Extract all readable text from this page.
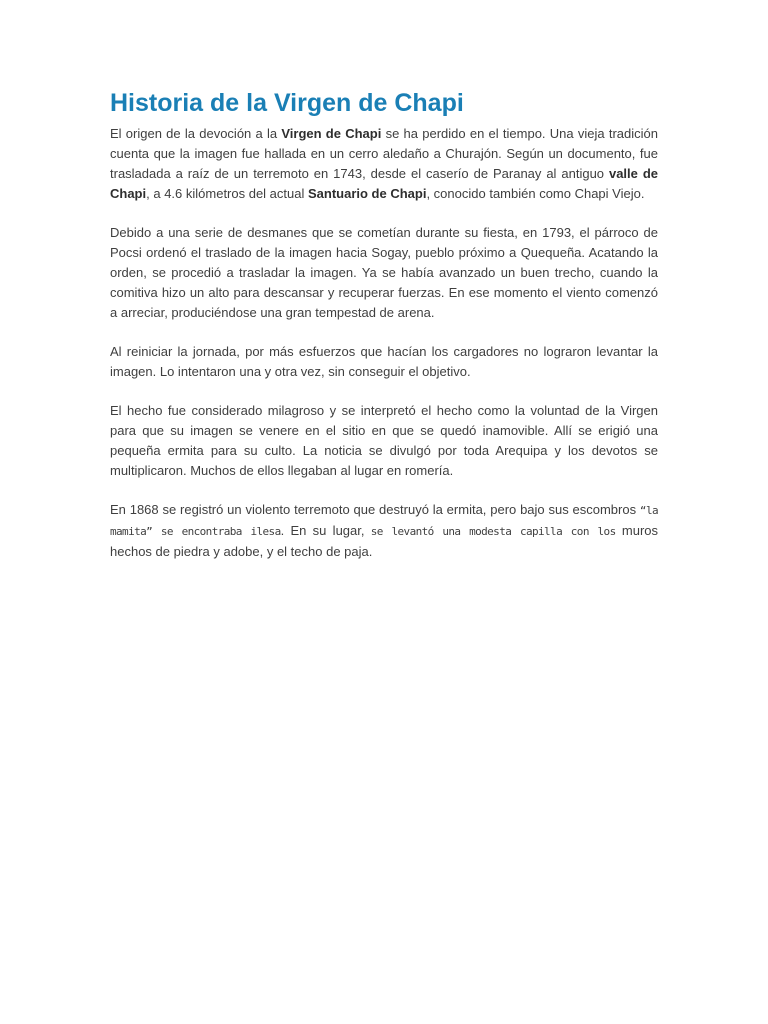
Historia de la Virgen de Chapi

El origen de la devoción a la Virgen de Chapi se ha perdido en el tiempo. Una vieja tradición cuenta que la imagen fue hallada en un cerro aledaño a Churajón. Según un documento, fue trasladada a raíz de un terremoto en 1743, desde el caserío de Paranay al antiguo valle de Chapi, a 4.6 kilómetros del actual Santuario de Chapi, conocido también como Chapi Viejo.

Debido a una serie de desmanes que se cometían durante su fiesta, en 1793, el párroco de Pocsi ordenó el traslado de la imagen hacia Sogay, pueblo próximo a Quequeña. Acatando la orden, se procedió a trasladar la imagen. Ya se había avanzado un buen trecho, cuando la comitiva hizo un alto para descansar y recuperar fuerzas. En ese momento el viento comenzó a arreciar, produciéndose una gran tempestad de arena.

Al reiniciar la jornada, por más esfuerzos que hacían los cargadores no lograron levantar la imagen. Lo intentaron una y otra vez, sin conseguir el objetivo.

El hecho fue considerado milagroso y se interpretó el hecho como la voluntad de la Virgen para que su imagen se venere en el sitio en que se quedó inamovible. Allí se erigió una pequeña ermita para su culto. La noticia se divulgó por toda Arequipa y los devotos se multiplicaron. Muchos de ellos llegaban al lugar en romería.

En 1868 se registró un violento terremoto que destruyó la ermita, pero bajo sus escombros “la mamita” se encontraba ilesa. En su lugar, se levantó una modesta capilla con los muros hechos de piedra y adobe, y el techo de paja.
